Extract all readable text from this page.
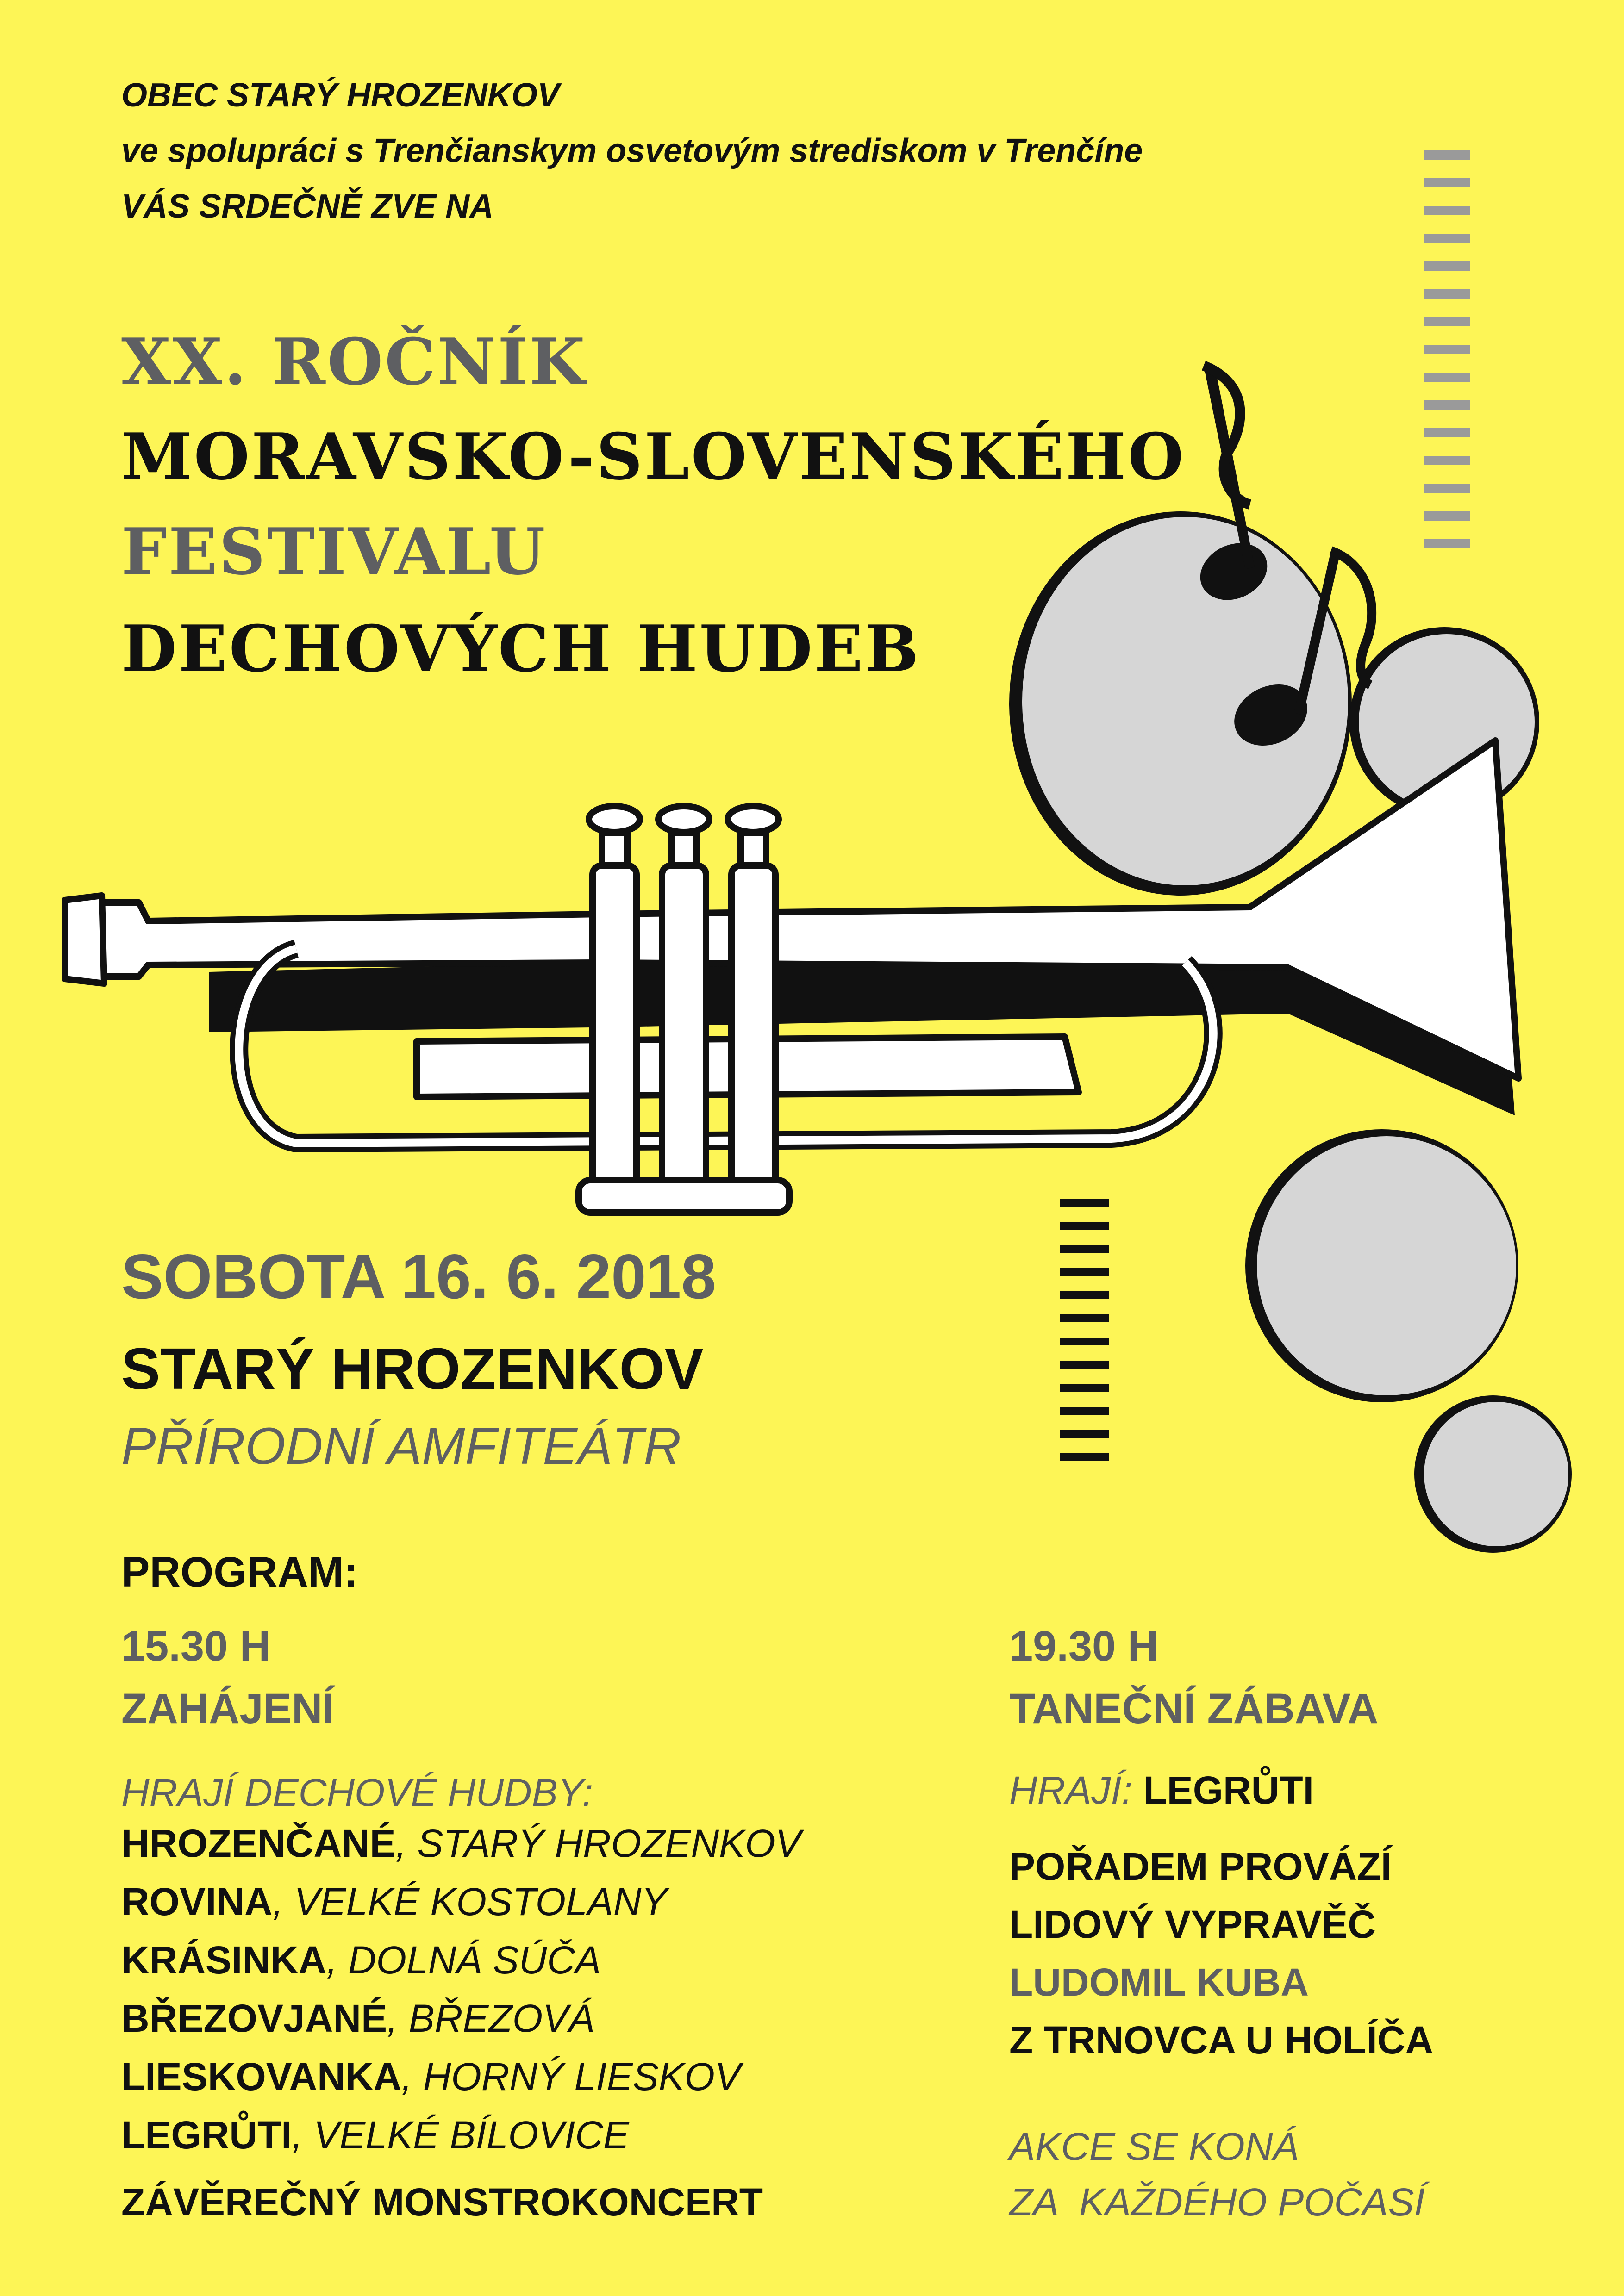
OBEC STARÝ HROZENKOV
ve spolupráci s Trenčianskym osvetovým strediskom v Trenčíne
VÁS SRDEČNĚ ZVE NA
XX. ROČNÍK
MORAVSKO-SLOVENSKÉHO
FESTIVALU
DECHOVÝCH HUDEB
SOBOTA 16. 6. 2018
STARÝ HROZENKOV
PŘÍRODNÍ AMFITEÁTR
PROGRAM:
15.30 H
ZAHÁJENÍ
HRAJÍ DECHOVÉ HUDBY:
HROZENČANÉ, STARÝ HROZENKOV
ROVINA, VELKÉ KOSTOLANY
KRÁSINKA, DOLNÁ SÚČA
BŘEZOVJANÉ, BŘEZOVÁ
LIESKOVANKA, HORNÝ LIESKOV
LEGRŮTI, VELKÉ BÍLOVICE
ZÁVĚREČNÝ MONSTROKONCERT
19.30 H
TANEČNÍ ZÁBAVA
HRAJÍ: LEGRŮTI
POŘADEM PROVÁZÍ
LIDOVÝ VYPRAVĚČ
LUDOMIL KUBA
Z TRNOVCA U HOLÍČA
AKCE SE KONÁ
ZA  KAŽDÉHO POČASÍ
